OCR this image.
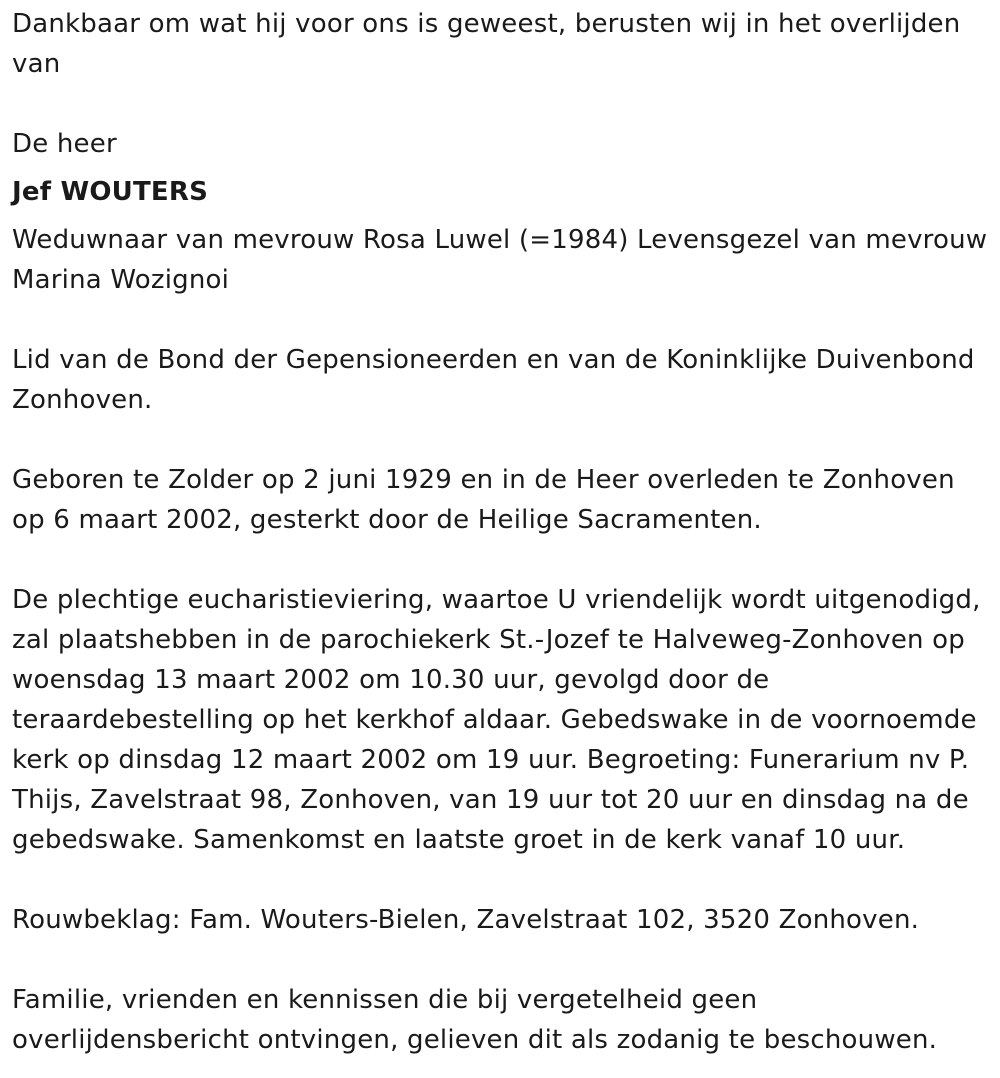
Dankbaar om wat hij voor ons is geweest, berusten wij in het overlijden van

De heer

Jef WOUTERS

Weduwnaar van mevrouw Rosa Luwel (=1984) Levensgezel van mevrouw Marina Wozignoi

Lid van de Bond der Gepensioneerden en van de Koninklijke Duivenbond Zonhoven.

Geboren te Zolder op 2 juni 1929 en in de Heer overleden te Zonhoven op 6 maart 2002, gesterkt door de Heilige Sacramenten.

De plechtige eucharistieviering, waartoe U vriendelijk wordt uitgenodigd, zal plaatshebben in de parochiekerk St.-Jozef te Halveweg-Zonhoven op woensdag 13 maart 2002 om 10.30 uur, gevolgd door de teraardebestelling op het kerkhof aldaar. Gebedswake in de voornoemde kerk op dinsdag 12 maart 2002 om 19 uur. Begroeting: Funerarium nv P. Thijs, Zavelstraat 98, Zonhoven, van 19 uur tot 20 uur en dinsdag na de gebedswake. Samenkomst en laatste groet in de kerk vanaf 10 uur.

Rouwbeklag: Fam. Wouters-Bielen, Zavelstraat 102, 3520 Zonhoven.

Familie, vrienden en kennissen die bij vergetelheid geen overlijdensbericht ontvingen, gelieven dit als zodanig te beschouwen.
